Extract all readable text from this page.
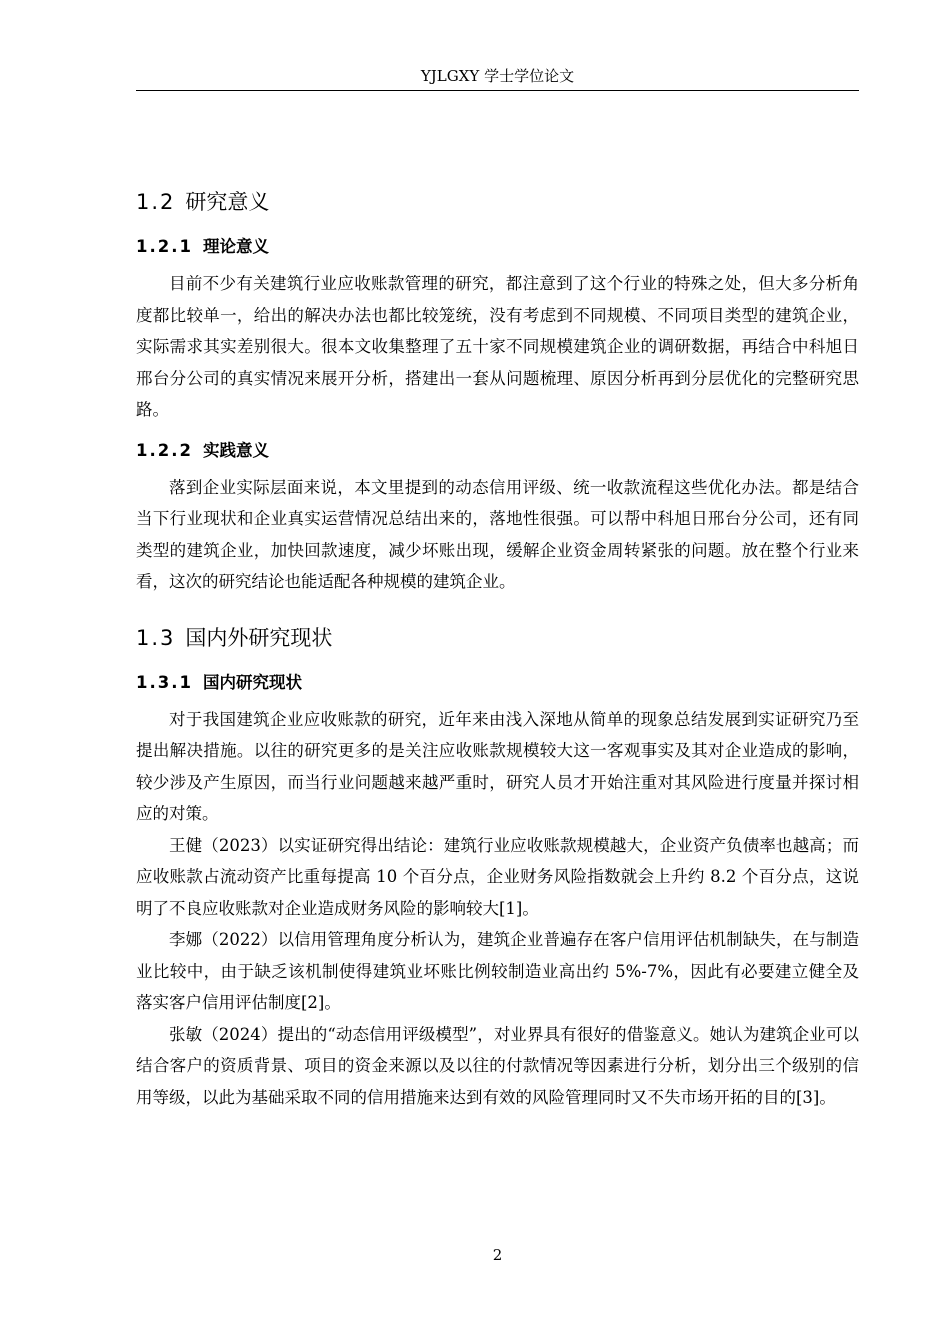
YJLGXY 学士学位论文
1.2 研究意义
1.2.1 理论意义

目前不少有关建筑行业应收账款管理的研究，都注意到了这个行业的特殊之处，但大多分析角度都比较单一，给出的解决办法也都比较笼统，没有考虑到不同规模、不同项目类型的建筑企业，实际需求其实差别很大。很本文收集整理了五十家不同规模建筑企业的调研数据，再结合中科旭日邢台分公司的真实情况来展开分析，搭建出一套从问题梳理、原因分析再到分层优化的完整研究思路。

1.2.2 实践意义

落到企业实际层面来说，本文里提到的动态信用评级、统一收款流程这些优化办法。都是结合当下行业现状和企业真实运营情况总结出来的，落地性很强。可以帮中科旭日邢台分公司，还有同类型的建筑企业，加快回款速度，减少坏账出现，缓解企业资金周转紧张的问题。放在整个行业来看，这次的研究结论也能适配各种规模的建筑企业。

1.3 国内外研究现状
1.3.1 国内研究现状

对于我国建筑企业应收账款的研究，近年来由浅入深地从简单的现象总结发展到实证研究乃至提出解决措施。以往的研究更多的是关注应收账款规模较大这一客观事实及其对企业造成的影响，较少涉及产生原因，而当行业问题越来越严重时，研究人员才开始注重对其风险进行度量并探讨相应的对策。

王健（2023）以实证研究得出结论：建筑行业应收账款规模越大，企业资产负债率也越高；而应收账款占流动资产比重每提高 10 个百分点，企业财务风险指数就会上升约 8.2 个百分点，这说明了不良应收账款对企业造成财务风险的影响较大[1]。

李娜（2022）以信用管理角度分析认为，建筑企业普遍存在客户信用评估机制缺失，在与制造业比较中，由于缺乏该机制使得建筑业坏账比例较制造业高出约 5%-7%，因此有必要建立健全及落实客户信用评估制度[2]。

张敏（2024）提出的“动态信用评级模型”，对业界具有很好的借鉴意义。她认为建筑企业可以结合客户的资质背景、项目的资金来源以及以往的付款情况等因素进行分析，划分出三个级别的信用等级，以此为基础采取不同的信用措施来达到有效的风险管理同时又不失市场开拓的目的[3]。

2
